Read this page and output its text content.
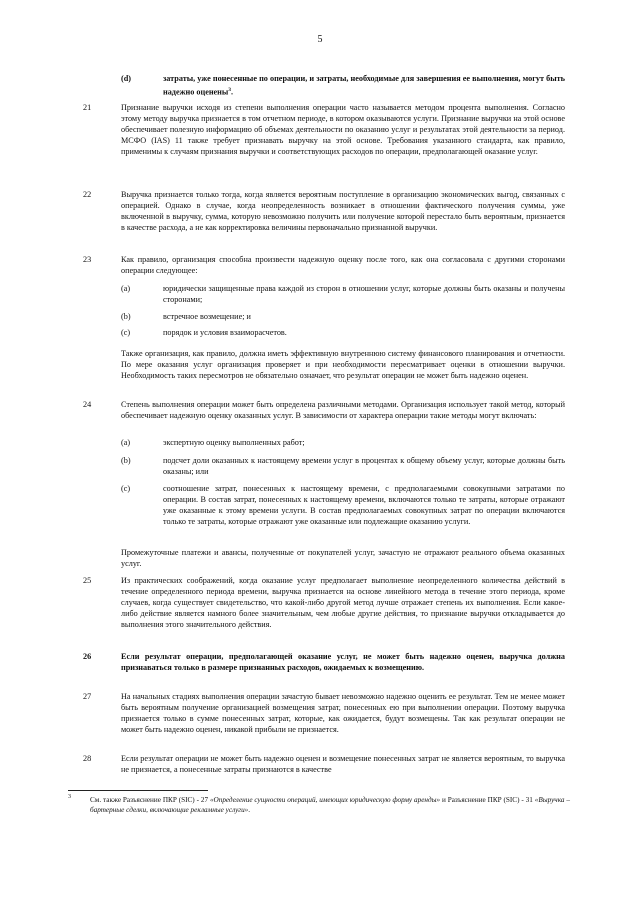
5
(d)	затраты, уже понесенные по операции, и затраты, необходимые для завершения ее выполнения, могут быть надежно оценены$^3$.
21	Признание выручки исходя из степени выполнения операции часто называется методом процента выполнения. Согласно этому методу выручка признается в том отчетном периоде, в котором оказываются услуги. Признание выручки на этой основе обеспечивает полезную информацию об объемах деятельности по оказанию услуг и результатах этой деятельности за период. МСФО (IAS) 11 также требует признавать выручку на этой основе. Требования указанного стандарта, как правило, применимы к случаям признания выручки и соответствующих расходов по операции, предполагающей оказание услуг.
22	Выручка признается только тогда, когда является вероятным поступление в организацию экономических выгод, связанных с операцией. Однако в случае, когда неопределенность возникает в отношении фактического получения суммы, уже включенной в выручку, сумма, которую невозможно получить или получение которой перестало быть вероятным, признается в качестве расхода, а не как корректировка величины первоначально признанной выручки.
23	Как правило, организация способна произвести надежную оценку после того, как она согласовала с другими сторонами операции следующее:
(a)	юридически защищенные права каждой из сторон в отношении услуг, которые должны быть оказаны и получены сторонами;
(b)	встречное возмещение; и
(c)	порядок и условия взаиморасчетов.
Также организация, как правило, должна иметь эффективную внутреннюю систему финансового планирования и отчетности. По мере оказания услуг организация проверяет и при необходимости пересматривает оценки в отношении выручки. Необходимость таких пересмотров не обязательно означает, что результат операции не может быть надежно оценен.
24	Степень выполнения операции может быть определена различными методами. Организация использует такой метод, который обеспечивает надежную оценку оказанных услуг. В зависимости от характера операции такие методы могут включать:
(a)	экспертную оценку выполненных работ;
(b)	подсчет доли оказанных к настоящему времени услуг в процентах к общему объему услуг, которые должны быть оказаны; или
(c)	соотношение затрат, понесенных к настоящему времени, с предполагаемыми совокупными затратами по операции. В состав затрат, понесенных к настоящему времени, включаются только те затраты, которые отражают уже оказанные к этому времени услуги. В состав предполагаемых совокупных затрат по операции включаются только те затраты, которые отражают уже оказанные или подлежащие оказанию услуги.
Промежуточные платежи и авансы, полученные от покупателей услуг, зачастую не отражают реального объема оказанных услуг.
25	Из практических соображений, когда оказание услуг предполагает выполнение неопределенного количества действий в течение определенного периода времени, выручка признается на основе линейного метода в течение этого периода, кроме случаев, когда существует свидетельство, что какой-либо другой метод лучше отражает степень их выполнения. Если какое-либо действие является намного более значительным, чем любые другие действия, то признание выручки откладывается до выполнения этого значительного действия.
26	Если результат операции, предполагающей оказание услуг, не может быть надежно оценен, выручка должна признаваться только в размере признанных расходов, ожидаемых к возмещению.
27	На начальных стадиях выполнения операции зачастую бывает невозможно надежно оценить ее результат. Тем не менее может быть вероятным получение организацией возмещения затрат, понесенных ею при выполнении операции. Поэтому выручка признается только в сумме понесенных затрат, которые, как ожидается, будут возмещены. Так как результат операции не может быть надежно оценен, никакой прибыли не признается.
28	Если результат операции не может быть надежно оценен и возмещение понесенных затрат не является вероятным, то выручка не признается, а понесенные затраты признаются в качестве
3	См. также Разъяснение ПКР (SIC) - 27 «Определение сущности операций, имеющих юридическую форму аренды» и Разъяснение ПКР (SIC) - 31 «Выручка – бартерные сделки, включающие рекламные услуги».
